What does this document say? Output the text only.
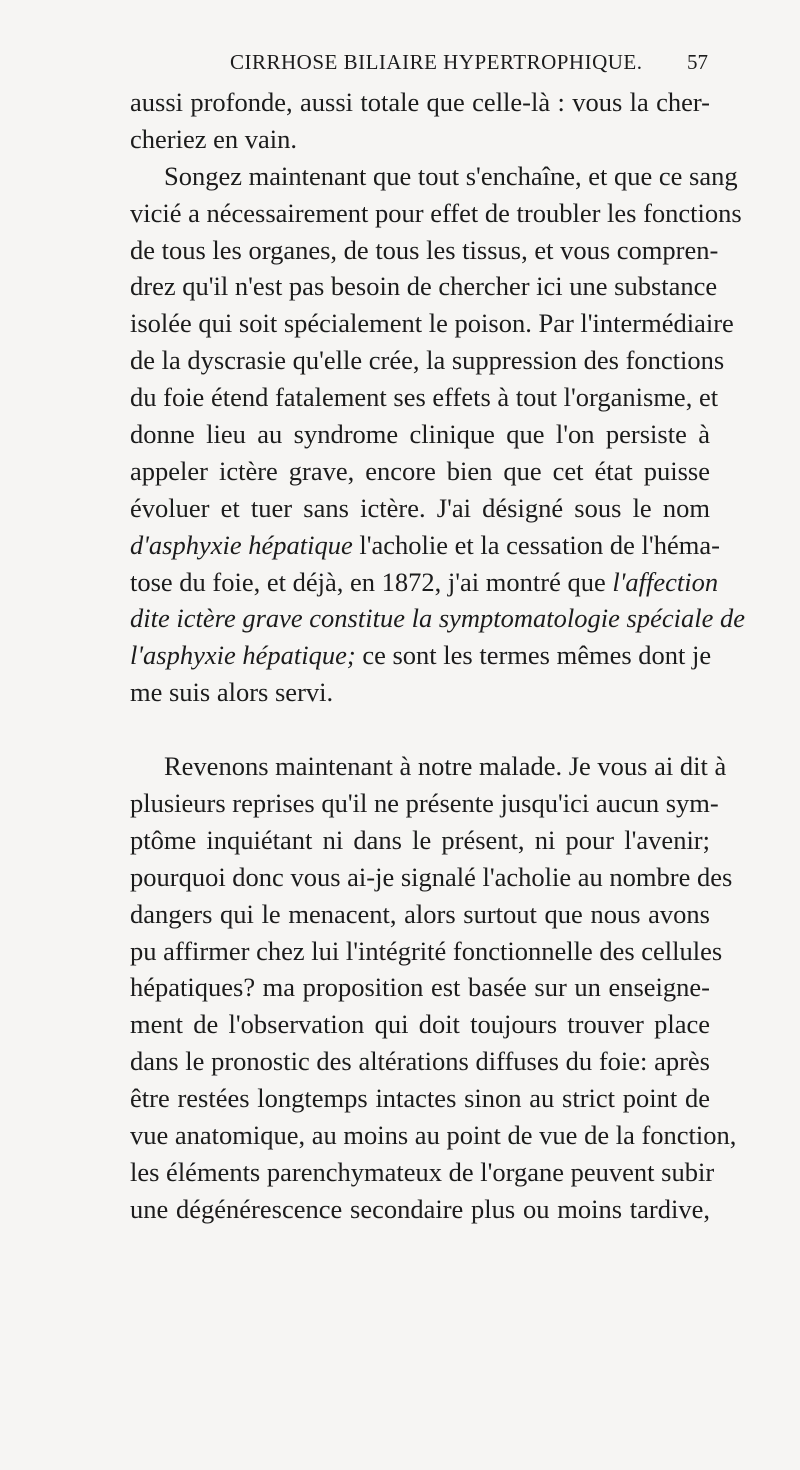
CIRRHOSE BILIAIRE HYPERTROPHIQUE. 57
aussi profonde, aussi totale que celle-là : vous la cher-
cheriez en vain.
Songez maintenant que tout s'enchaîne, et que ce sang
vicié a nécessairement pour effet de troubler les fonctions
de tous les organes, de tous les tissus, et vous compren-
drez qu'il n'est pas besoin de chercher ici une substance
isolée qui soit spécialement le poison. Par l'intermédiaire
de la dyscrasie qu'elle crée, la suppression des fonctions
du foie étend fatalement ses effets à tout l'organisme, et
donne lieu au syndrome clinique que l'on persiste à
appeler ictère grave, encore bien que cet état puisse
évoluer et tuer sans ictère. J'ai désigné sous le nom
d'asphyxie hépatique l'acholie et la cessation de l'héma-
tose du foie, et déjà, en 1872, j'ai montré que l'affection
dite ictère grave constitue la symptomatologie spéciale de
l'asphyxie hépatique; ce sont les termes mêmes dont je
me suis alors servi.
Revenons maintenant à notre malade. Je vous ai dit à
plusieurs reprises qu'il ne présente jusqu'ici aucun sym-
ptôme inquiétant ni dans le présent, ni pour l'avenir;
pourquoi donc vous ai-je signalé l'acholie au nombre des
dangers qui le menacent, alors surtout que nous avons
pu affirmer chez lui l'intégrité fonctionnelle des cellules
hépatiques? ma proposition est basée sur un enseigne-
ment de l'observation qui doit toujours trouver place
dans le pronostic des altérations diffuses du foie: après
être restées longtemps intactes sinon au strict point de
vue anatomique, au moins au point de vue de la fonction,
les éléments parenchymateux de l'organe peuvent subir
une dégénérescence secondaire plus ou moins tardive,
